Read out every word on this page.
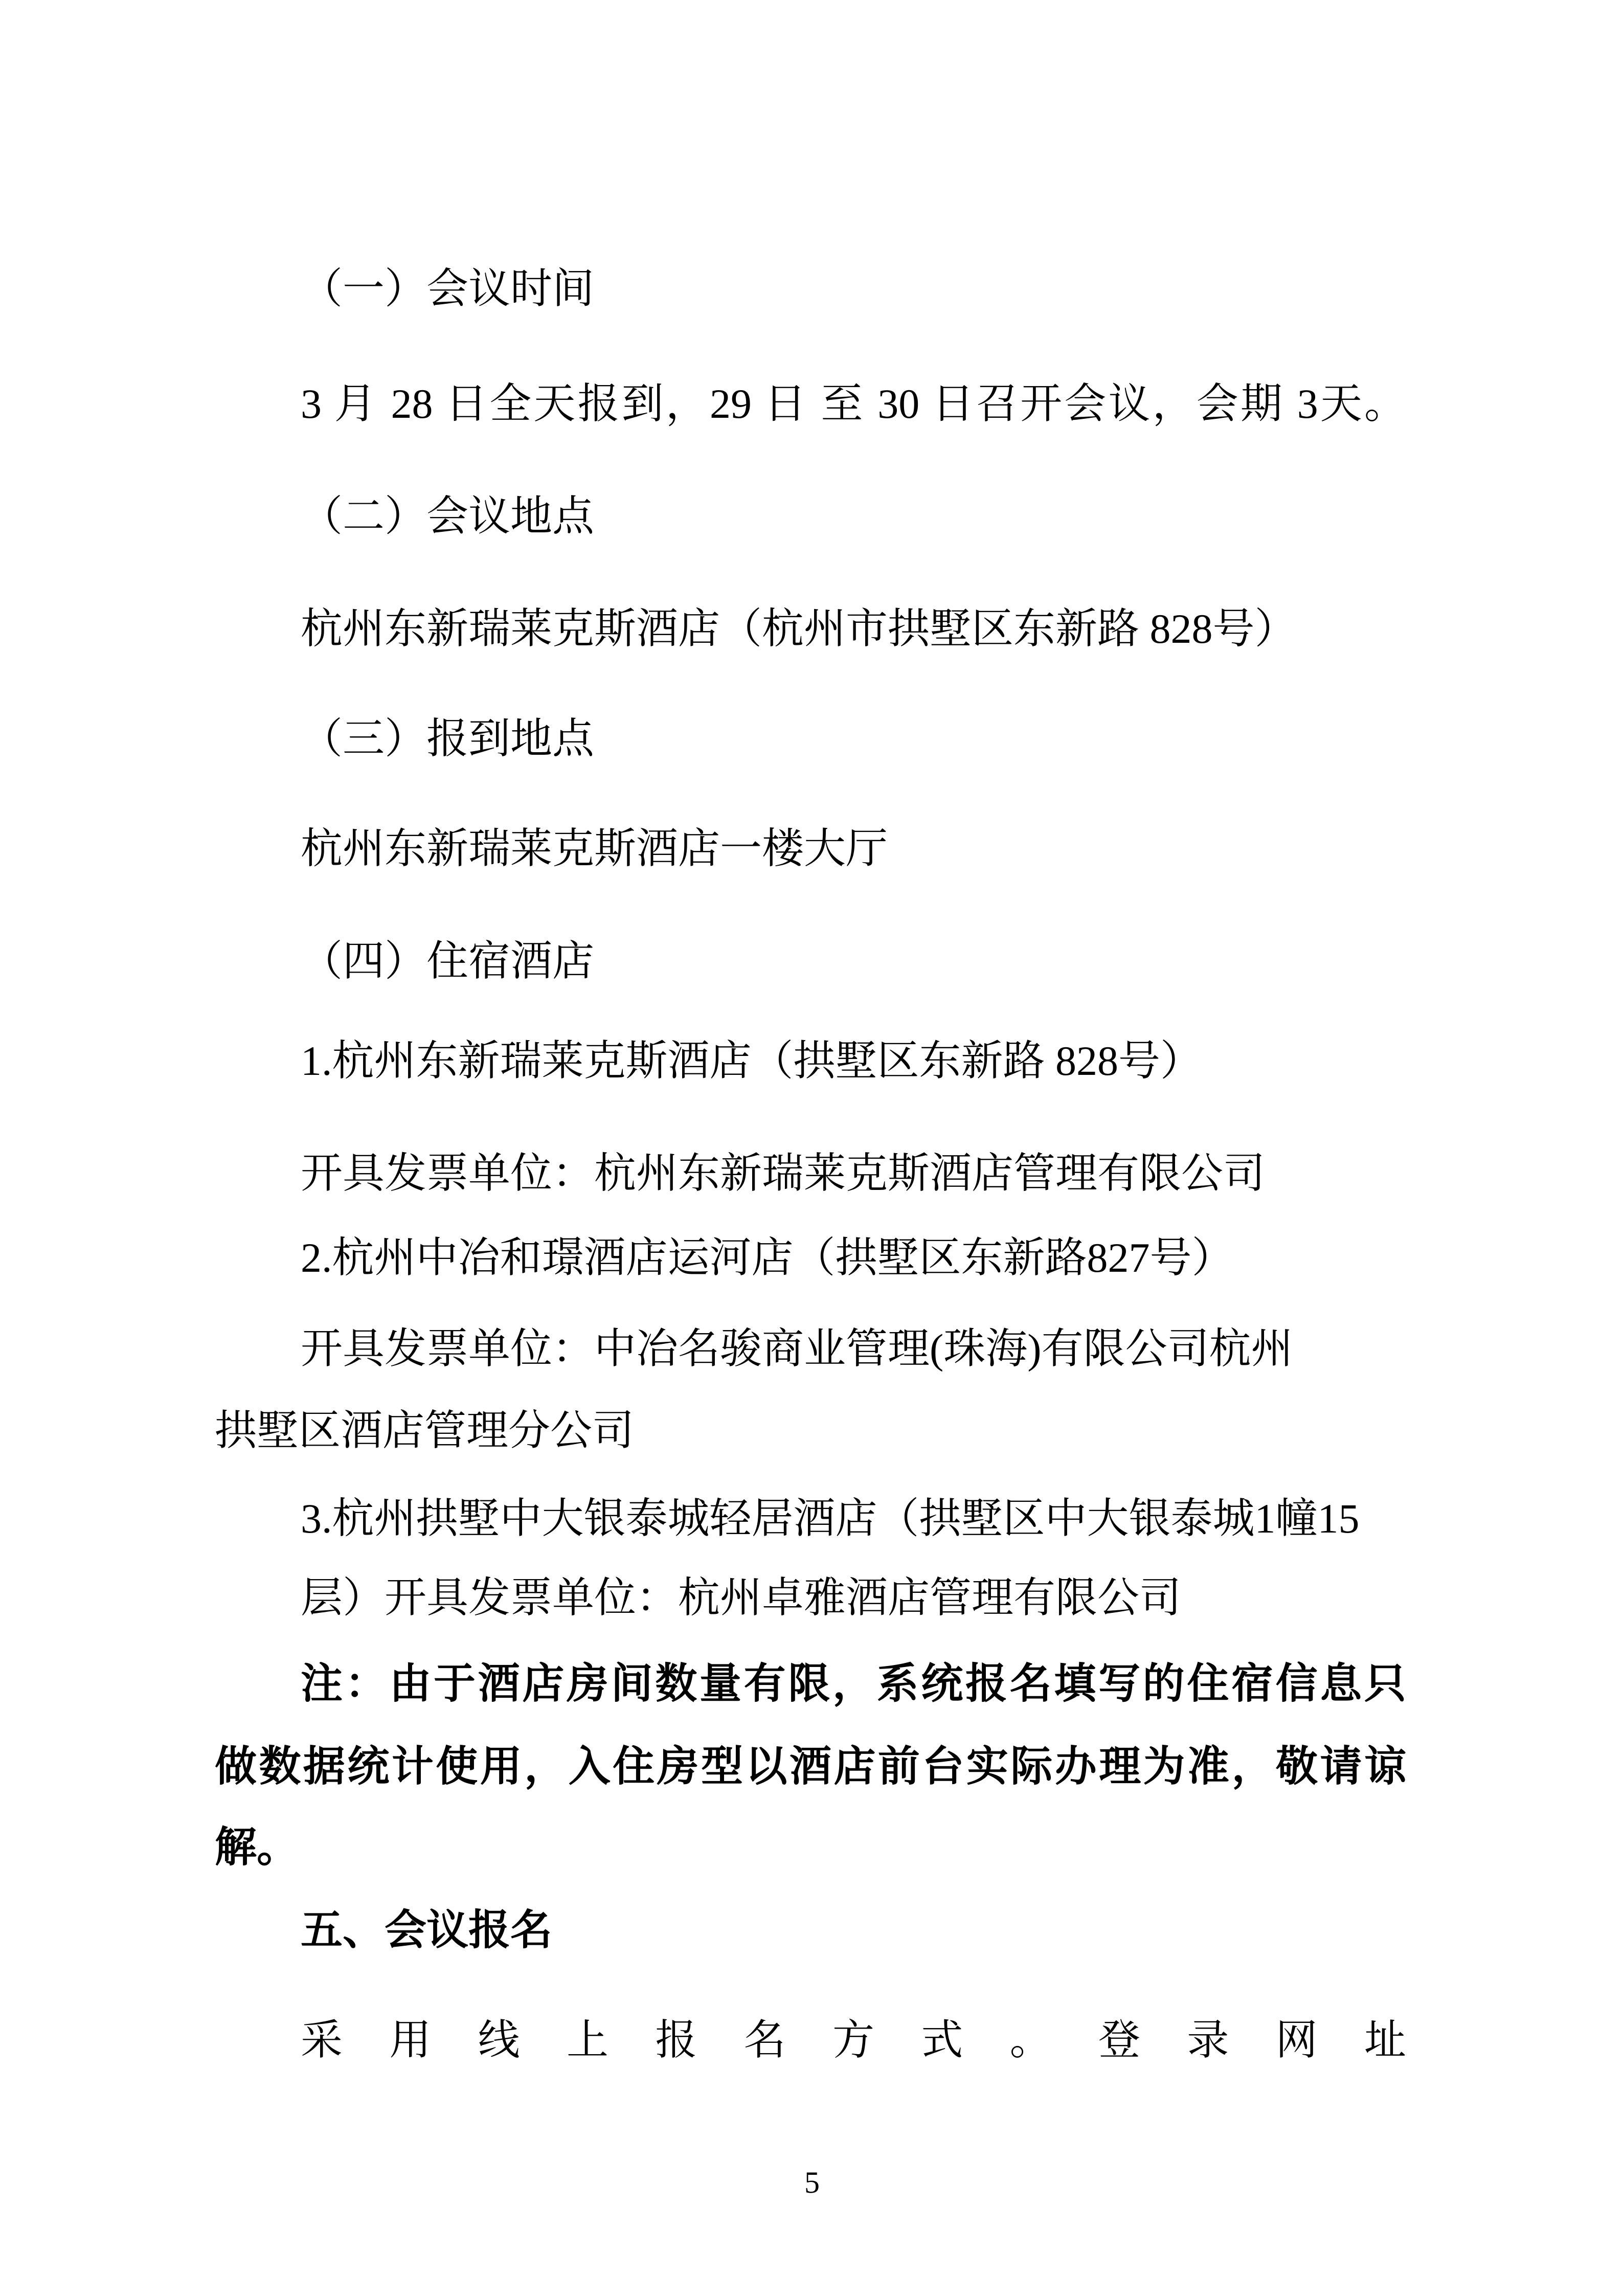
（一）会议时间

3 月 28 日全天报到，29 日 至 30 日召开会议，会期 3天。

（二）会议地点

杭州东新瑞莱克斯酒店（杭州市拱墅区东新路 828号）

（三）报到地点

杭州东新瑞莱克斯酒店一楼大厅

（四）住宿酒店

1.杭州东新瑞莱克斯酒店（拱墅区东新路 828号）

开具发票单位：杭州东新瑞莱克斯酒店管理有限公司

2.杭州中冶和璟酒店运河店（拱墅区东新路827号）

开具发票单位：中冶名骏商业管理(珠海)有限公司杭州

拱墅区酒店管理分公司

3.杭州拱墅中大银泰城轻居酒店（拱墅区中大银泰城1幢15

层）开具发票单位：杭州卓雅酒店管理有限公司

注：由于酒店房间数量有限，系统报名填写的住宿信息只

做数据统计使用，入住房型以酒店前台实际办理为准，敬请谅

解。

五、会议报名

采 用 线 上 报 名 方 式 。 登 录 网 址

5
